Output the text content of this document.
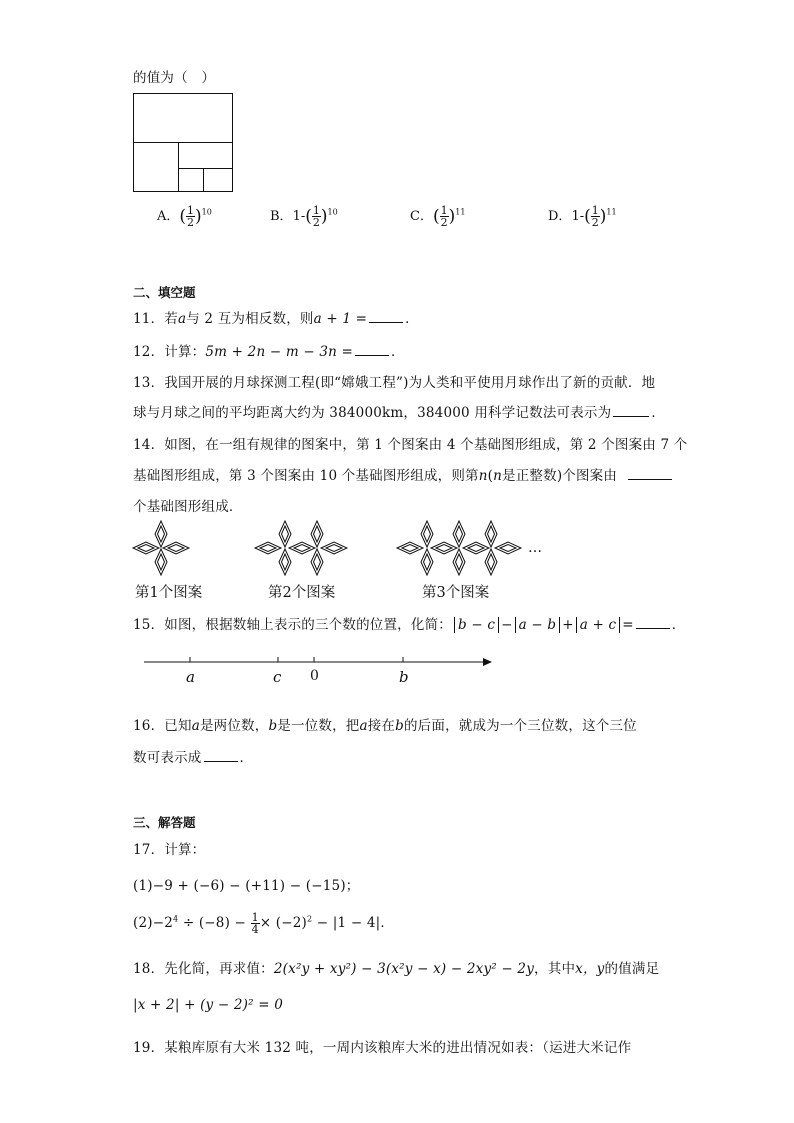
的值为（　）
A．( $\frac{1}{2} )^{10}$	B．$1-( \frac{1}{2} )^{10}$	C．( $\frac{1}{2} )^{11}$	D．$1-( \frac{1}{2} )^{11}$
二、填空题
11．若a与 2 互为相反数，则a + 1 =	．
12．计算：5m + 2n − m − 3n =	．
13．我国开展的月球探测工程(即“嫦娥工程”)为人类和平使用月球作出了新的贡献．地
球与月球之间的平均距离大约为 384000km，384000 用科学记数法可表示为	．
14．如图，在一组有规律的图案中，第 1 个图案由 4 个基础图形组成，第 2 个图案由 7 个
基础图形组成，第 3 个图案由 10 个基础图形组成，则第n(n是正整数)个图案由
个基础图形组成．
…
第1个图案	第2个图案	第3个图案
15．如图，根据数轴上表示的三个数的位置，化简： b − c − a − b + a + c =	．
a	c 0	b
16．已知a是两位数，b是一位数，把a接在b的后面，就成为一个三位数，这个三位
数可表示成	．
三、解答题
17．计算：
(1)−9 + (−6) − (+11) − (−15)；
$(2)-2^4 \div (-8) - \frac{1}{4} \times (-2)^2 - |1 - 4|$．
18．先化简，再求值：2(x²y + xy²) − 3(x²y − x) − 2xy² − 2y，其中x，y的值满足
|x + 2| + (y − 2)² = 0
19．某粮库原有大米 132 吨，一周内该粮库大米的进出情况如表：（运进大米记作
